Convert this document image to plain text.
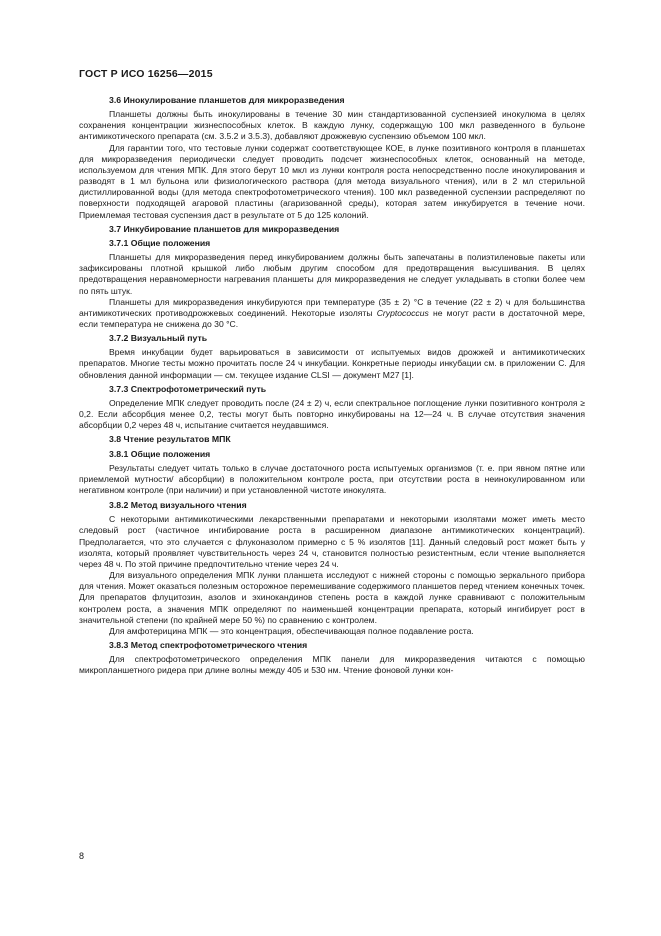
ГОСТ Р ИСО 16256—2015
3.6 Инокулирование планшетов для микроразведения

Планшеты должны быть инокулированы в течение 30 мин стандартизованной суспензией инокулюма в целях сохранения концентрации жизнеспособных клеток. В каждую лунку, содержащую 100 мкл разведенного в бульоне антимикотического препарата (см. 3.5.2 и 3.5.3), добавляют дрожжевую суспензию объемом 100 мкл.

Для гарантии того, что тестовые лунки содержат соответствующее КОЕ, в лунке позитивного контроля в планшетах для микроразведения периодически следует проводить подсчет жизнеспособных клеток, основанный на методе, используемом для чтения МПК. Для этого берут 10 мкл из лунки контроля роста непосредственно после инокулирования и разводят в 1 мл бульона или физиологического раствора (для метода визуального чтения), или в 2 мл стерильной дистиллированной воды (для метода спектрофотометрического чтения). 100 мкл разведенной суспензии распределяют по поверхности подходящей агаровой пластины (агаризованной среды), которая затем инкубируется в течение ночи. Приемлемая тестовая суспензия даст в результате от 5 до 125 колоний.

3.7 Инкубирование планшетов для микроразведения
3.7.1 Общие положения

Планшеты для микроразведения перед инкубированием должны быть запечатаны в полиэтиленовые пакеты или зафиксированы плотной крышкой либо любым другим способом для предотвращения высушивания. В целях предотвращения неравномерности нагревания планшеты для микроразведения не следует укладывать в стопки более чем по пять штук.

Планшеты для микроразведения инкубируются при температуре (35 ± 2) °С в течение (22 ± 2) ч для большинства антимикотических противодрожжевых соединений. Некоторые изоляты Cryptococcus не могут расти в достаточной мере, если температура не снижена до 30 °С.

3.7.2 Визуальный путь

Время инкубации будет варьироваться в зависимости от испытуемых видов дрожжей и антимикотических препаратов. Многие тесты можно прочитать после 24 ч инкубации. Конкретные периоды инкубации см. в приложении С. Для обновления данной информации — см. текущее издание CLSI — документ М27 [1].

3.7.3 Спектрофотометрический путь

Определение МПК следует проводить после (24 ± 2) ч, если спектральное поглощение лунки позитивного контроля ≥ 0,2. Если абсорбция менее 0,2, тесты могут быть повторно инкубированы на 12—24 ч. В случае отсутствия значения абсорбции 0,2 через 48 ч, испытание считается неудавшимся.

3.8 Чтение результатов МПК
3.8.1 Общие положения

Результаты следует читать только в случае достаточного роста испытуемых организмов (т. е. при явном пятне или приемлемой мутности/ абсорбции) в положительном контроле роста, при отсутствии роста в неинокулированном или негативном контроле (при наличии) и при установленной чистоте инокулята.

3.8.2 Метод визуального чтения

С некоторыми антимикотическими лекарственными препаратами и некоторыми изолятами может иметь место следовый рост (частичное ингибирование роста в расширенном диапазоне антимикотических концентраций). Предполагается, что это случается с флуконазолом примерно с 5 % изолятов [11]. Данный следовый рост может быть у изолята, который проявляет чувствительность через 24 ч, становится полностью резистентным, если чтение выполняется через 48 ч. По этой причине предпочтительно чтение через 24 ч.

Для визуального определения МПК лунки планшета исследуют с нижней стороны с помощью зеркального прибора для чтения. Может оказаться полезным осторожное перемешивание содержимого планшетов перед чтением конечных точек. Для препаратов флуцитозин, азолов и эхинокандинов степень роста в каждой лунке сравнивают с положительным контролем роста, а значения МПК определяют по наименьшей концентрации препарата, который ингибирует рост в значительной степени (по крайней мере 50 %) по сравнению с контролем.

Для амфотерицина МПК — это концентрация, обеспечивающая полное подавление роста.

3.8.3 Метод спектрофотометрического чтения

Для спектрофотометрического определения МПК панели для микроразведения читаются с помощью микропланшетного ридера при длине волны между 405 и 530 нм. Чтение фоновой лунки кон-

8
